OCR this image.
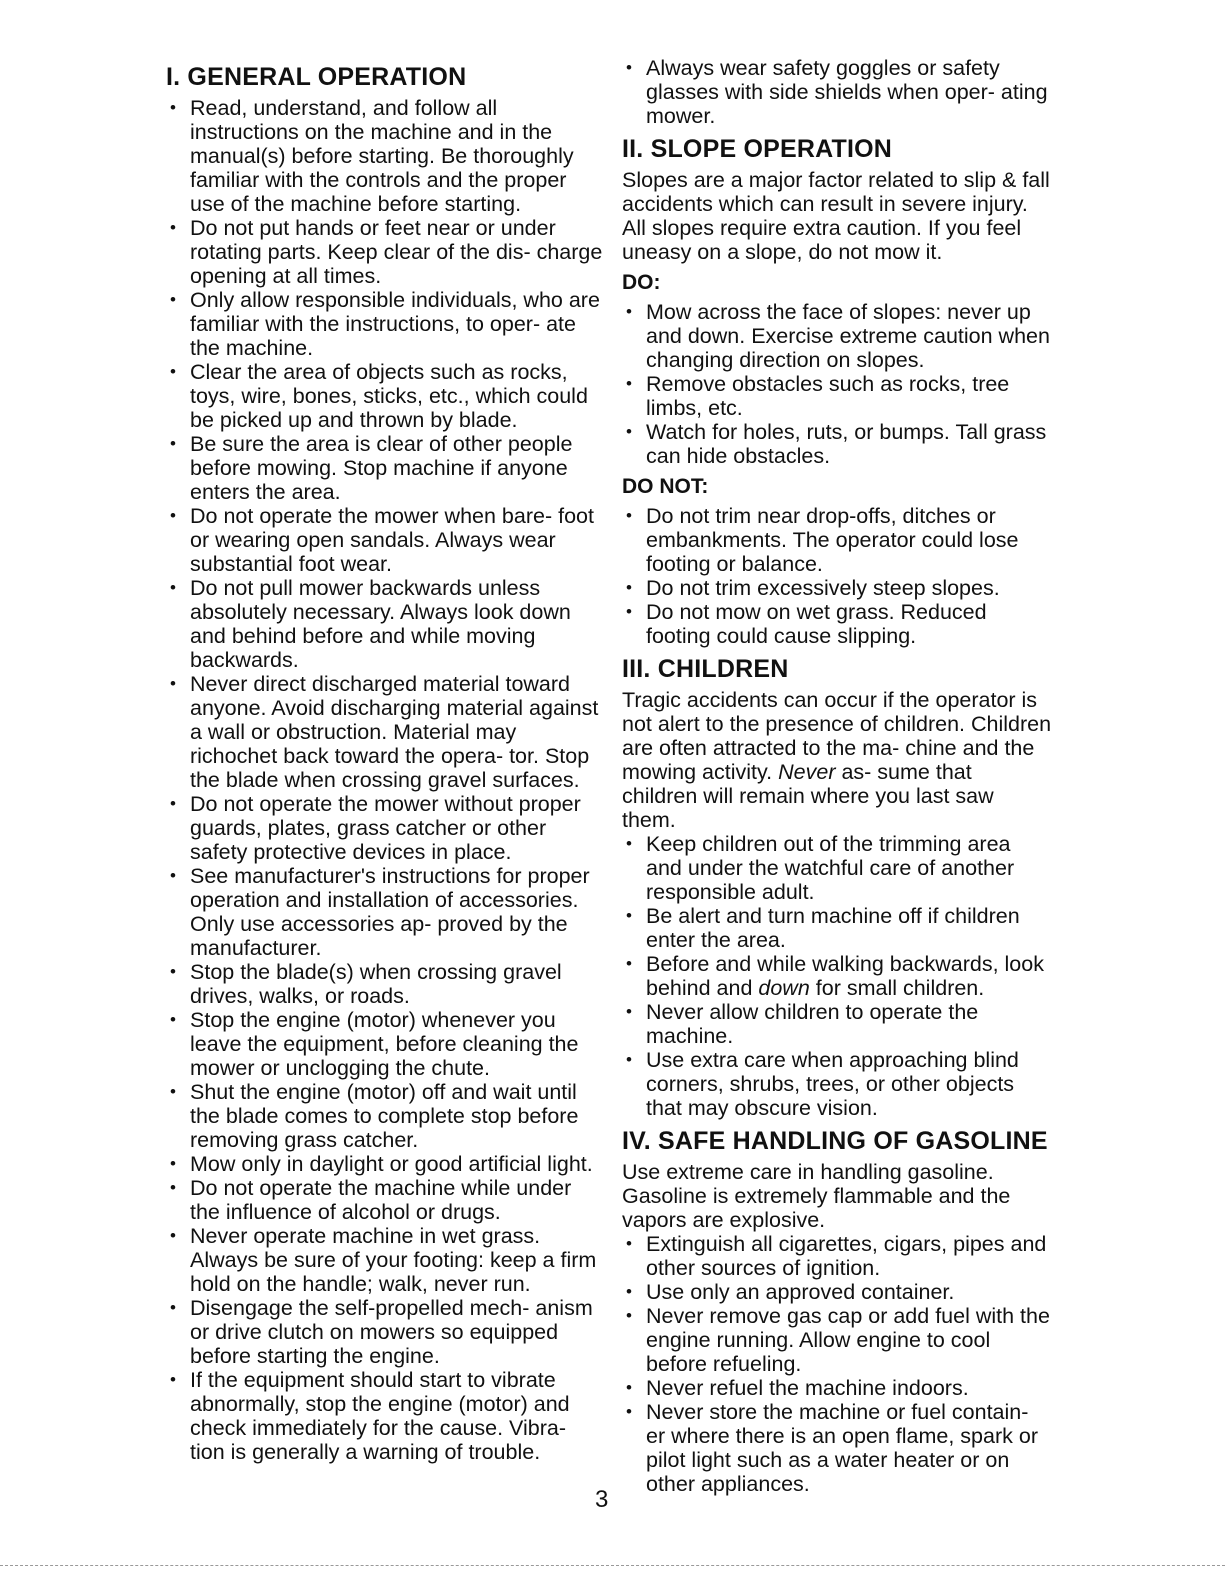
I. GENERAL OPERATION
• Read, understand, and follow all instructions on the machine and in the manual(s) before starting. Be thoroughly familiar with the controls and the proper use of the machine before starting.
• Do not put hands or feet near or under rotating parts. Keep clear of the dis- charge opening at all times.
• Only allow responsible individuals, who are familiar with the instructions, to oper- ate the machine.
• Clear the area of objects such as rocks, toys, wire, bones, sticks, etc., which could be picked up and thrown by blade.
• Be sure the area is clear of other people before mowing. Stop machine if anyone enters the area.
• Do not operate the mower when bare- foot or wearing open sandals. Always wear substantial foot wear.
• Do not pull mower backwards unless absolutely necessary. Always look down and behind before and while moving backwards.
• Never direct discharged material toward anyone. Avoid discharging material against a wall or obstruction. Material may richochet back toward the opera- tor. Stop the blade when crossing gravel surfaces.
• Do not operate the mower without proper guards, plates, grass catcher or other safety protective devices in place.
• See manufacturer's instructions for proper operation and installation of accessories. Only use accessories ap- proved by the manufacturer.
• Stop the blade(s) when crossing gravel drives, walks, or roads.
• Stop the engine (motor) whenever you leave the equipment, before cleaning the mower or unclogging the chute.
• Shut the engine (motor) off and wait until the blade comes to complete stop before removing grass catcher.
• Mow only in daylight or good artificial light.
• Do not operate the machine while under the influence of alcohol or drugs.
• Never operate machine in wet grass. Always be sure of your footing: keep a firm hold on the handle; walk, never run.
• Disengage the self-propelled mech- anism or drive clutch on mowers so equipped before starting the engine.
• If the equipment should start to vibrate abnormally, stop the engine (motor) and check immediately for the cause. Vibra- tion is generally a warning of trouble.
• Always wear safety goggles or safety glasses with side shields when oper- ating mower.
II. SLOPE OPERATION

Slopes are a major factor related to slip & fall accidents which can result in severe injury. All slopes require extra caution. If you feel uneasy on a slope, do not mow it.

DO:
• Mow across the face of slopes: never up and down. Exercise extreme caution when changing direction on slopes.
• Remove obstacles such as rocks, tree limbs, etc.
• Watch for holes, ruts, or bumps. Tall grass can hide obstacles.
DO NOT:
• Do not trim near drop-offs, ditches or embankments. The operator could lose footing or balance.
• Do not trim excessively steep slopes.
• Do not mow on wet grass. Reduced footing could cause slipping.
III. CHILDREN

Tragic accidents can occur if the operator is not alert to the presence of children. Children are often attracted to the ma- chine and the mowing activity. Never as- sume that children will remain where you last saw them.

• Keep children out of the trimming area and under the watchful care of another responsible adult.
• Be alert and turn machine off if children enter the area.
• Before and while walking backwards, look behind and down for small children.
• Never allow children to operate the machine.
• Use extra care when approaching blind corners, shrubs, trees, or other objects that may obscure vision.
IV. SAFE HANDLING OF GASOLINE

Use extreme care in handling gasoline. Gasoline is extremely flammable and the vapors are explosive.

• Extinguish all cigarettes, cigars, pipes and other sources of ignition.
• Use only an approved container.
• Never remove gas cap or add fuel with the engine running. Allow engine to cool before refueling.
• Never refuel the machine indoors.
• Never store the machine or fuel contain- er where there is an open flame, spark or pilot light such as a water heater or on other appliances.
3
